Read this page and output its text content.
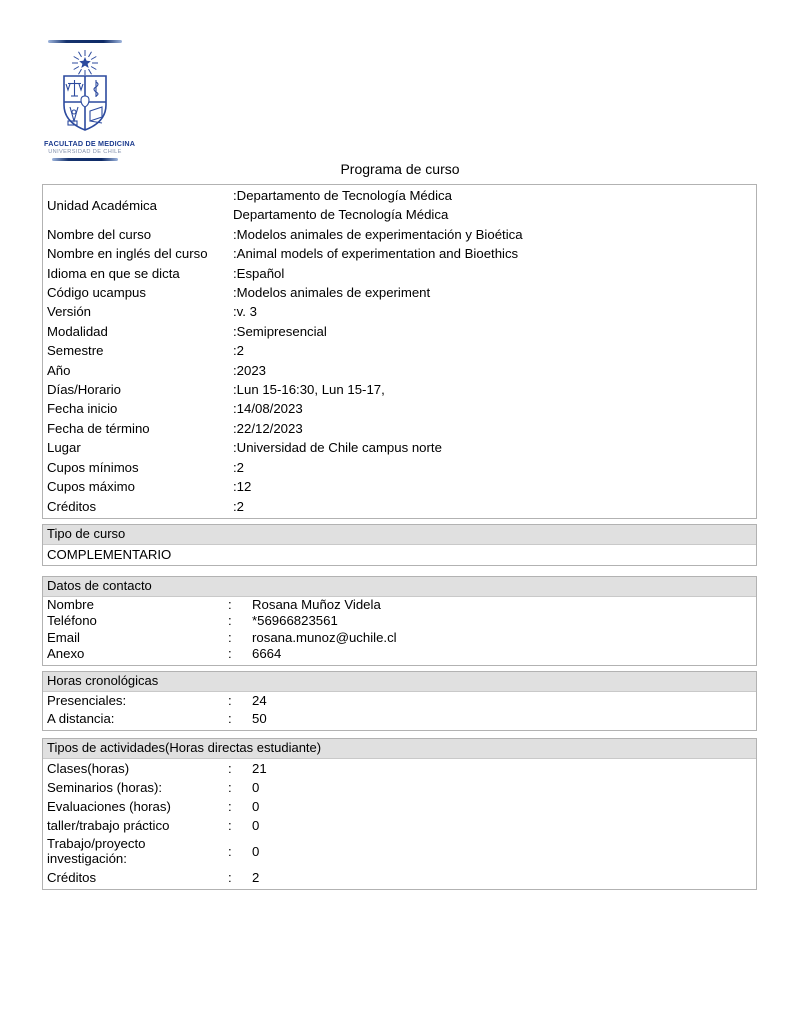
FACULTAD DE MEDICINA
UNIVERSIDAD DE CHILE
Programa de curso
Unidad Académica
:Departamento de Tecnología Médica
Departamento de Tecnología Médica
Nombre del curso	:Modelos animales de experimentación y Bioética
Nombre en inglés del curso	:Animal models of experimentation and Bioethics
Idioma en que se dicta	:Español
Código ucampus	:Modelos animales de experiment
Versión	:v. 3
Modalidad	:Semipresencial
Semestre	:2
Año	:2023
Días/Horario	:Lun 15-16:30, Lun 15-17,
Fecha inicio	:14/08/2023
Fecha de término	:22/12/2023
Lugar	:Universidad de Chile campus norte
Cupos mínimos	:2
Cupos máximo	:12
Créditos	:2
Tipo de curso
COMPLEMENTARIO
Datos de contacto
Nombre	:	Rosana Muñoz Videla
Teléfono	:	*56966823561
Email	:	rosana.munoz@uchile.cl
Anexo	:	6664
Horas cronológicas
Presenciales:	:	24
A distancia:	:	50
Tipos de actividades(Horas directas estudiante)
Clases(horas)	:	21
Seminarios (horas):	:	0
Evaluaciones (horas)	:	0
taller/trabajo práctico	:	0
Trabajo/proyecto investigación:	:	0
Créditos	:	2
